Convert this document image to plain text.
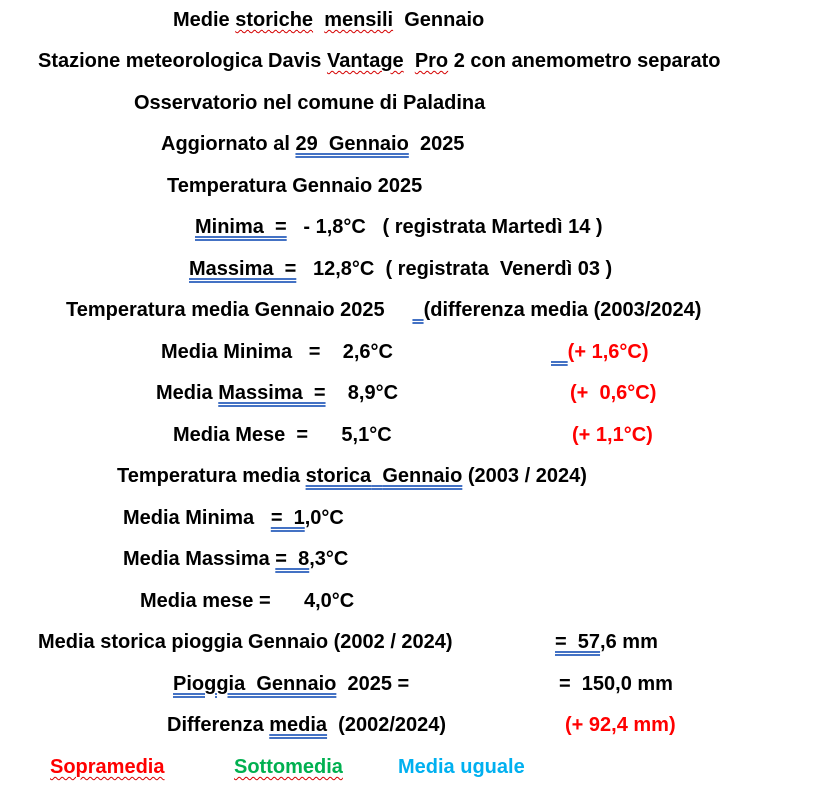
Medie storiche mensili  Gennaio
Stazione meteorologica Davis Vantage Pro 2 con anemometro separato
Osservatorio nel comune di Paladina
Aggiornato al 29  Gennaio  2025
Temperatura Gennaio 2025
Minima  =   - 1,8°C   ( registrata Martedì 14 )
Massima  =   12,8°C  ( registrata  Venerdì 03 )
Temperatura media Gennaio 2025       (differenza media (2003/2024)
Media Minima   =    2,6°C	(+ 1,6°C)
Media Massima  =    8,9°C	(+  0,6°C)
Media Mese  =      5,1°C	(+ 1,1°C)
Temperatura media storica Gennaio (2003 / 2024)
Media Minima   =  1,0°C
Media Massima =  8,3°C
Media mese =      4,0°C
Media storica pioggia Gennaio (2002 / 2024)	=  57,6 mm
Pioggia  Gennaio  2025 =	=  150,0 mm
Differenza media  (2002/2024)	(+ 92,4 mm)
Sopramedia	Sottomedia	Media uguale
